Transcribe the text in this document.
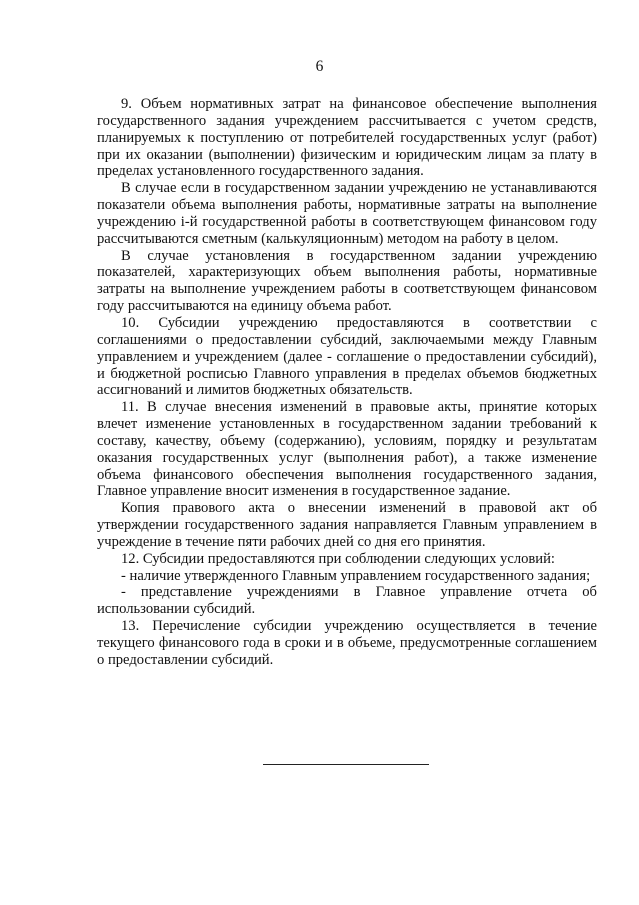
6

9. Объем нормативных затрат на финансовое обеспечение выполнения государственного задания учреждением рассчитывается с учетом средств, планируемых к поступлению от потребителей государственных услуг (работ) при их оказании (выполнении) физическим и юридическим лицам за плату в пределах установленного государственного задания.

В случае если в государственном задании учреждению не устанавливаются показатели объема выполнения работы, нормативные затраты на выполнение учреждению i-й государственной работы в соответствующем финансовом году рассчитываются сметным (калькуляционным) методом на работу в целом.

В случае установления в государственном задании учреждению показателей, характеризующих объем выполнения работы, нормативные затраты на выполнение учреждением работы в соответствующем финансовом году рассчитываются на единицу объема работ.

10. Субсидии учреждению предоставляются в соответствии с соглашениями о предоставлении субсидий, заключаемыми между Главным управлением и учреждением (далее - соглашение о предоставлении субсидий), и бюджетной росписью Главного управления в пределах объемов бюджетных ассигнований и лимитов бюджетных обязательств.

11. В случае внесения изменений в правовые акты, принятие которых влечет изменение установленных в государственном задании требований к составу, качеству, объему (содержанию), условиям, порядку и результатам оказания государственных услуг (выполнения работ), а также изменение объема финансового обеспечения выполнения государственного задания, Главное управление вносит изменения в государственное задание.

Копия правового акта о внесении изменений в правовой акт об утверждении государственного задания направляется Главным управлением в учреждение в течение пяти рабочих дней со дня его принятия.

12. Субсидии предоставляются при соблюдении следующих условий:

- наличие утвержденного Главным управлением государственного задания;

- представление учреждениями в Главное управление отчета об использовании субсидий.

13. Перечисление субсидии учреждению осуществляется в течение текущего финансового года в сроки и в объеме, предусмотренные соглашением о предоставлении субсидий.
